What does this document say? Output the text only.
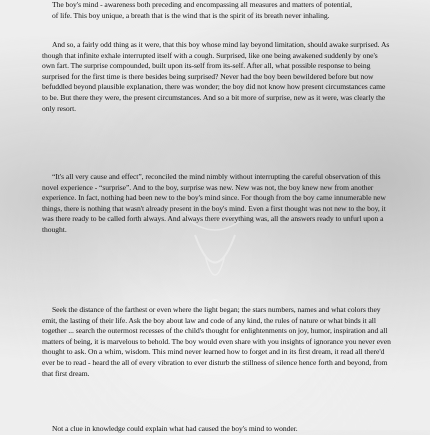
The boy's mind - awareness both preceding and encompassing all measures and matters of potential, of life. This boy unique, a breath that is the wind that is the spirit of its breath never inhaling.

And so, a fairly odd thing as it were, that this boy whose mind lay beyond limitation, should awake surprised. As though that infinite exhale interrupted itself with a cough. Surprised, like one being awakened suddenly by one's own fart. The surprise compounded, built upon its-self from its-self. After all, what possible response to being surprised for the first time is there besides being surprised? Never had the boy been bewildered before but now befuddled beyond plausible explanation, there was wonder; the boy did not know how present circumstances came to be. But there they were, the present circumstances. And so a bit more of surprise, new as it were, was clearly the only resort.

“It's all very cause and effect”, reconciled the mind nimbly without interrupting the careful observation of this novel experience - “surprise”. And to the boy, surprise was new. New was not, the boy knew new from another experience. In fact, nothing had been new to the boy's mind since. For though from the boy came innumerable new things, there is nothing that wasn't already present in the boy's mind. Even a first thought was not new to the boy, it was there ready to be called forth always. And always there everything was, all the answers ready to unfurl upon a thought.

Seek the distance of the farthest or even where the light began; the stars numbers, names and what colors they emit, the lasting of their life. Ask the boy about law and code of any kind, the rules of nature or what binds it all together ... search the outermost recesses of the child's thought for enlightenments on joy, humor, inspiration and all matters of being, it is marvelous to behold. The boy would even share with you insights of ignorance you never even thought to ask. On a whim, wisdom. This mind never learned how to forget and in its first dream, it read all there'd ever be to read - heard the all of every vibration to ever disturb the stillness of silence hence forth and beyond, from that first dream.

Not a clue in knowledge could explain what had caused the boy's mind to wonder.
